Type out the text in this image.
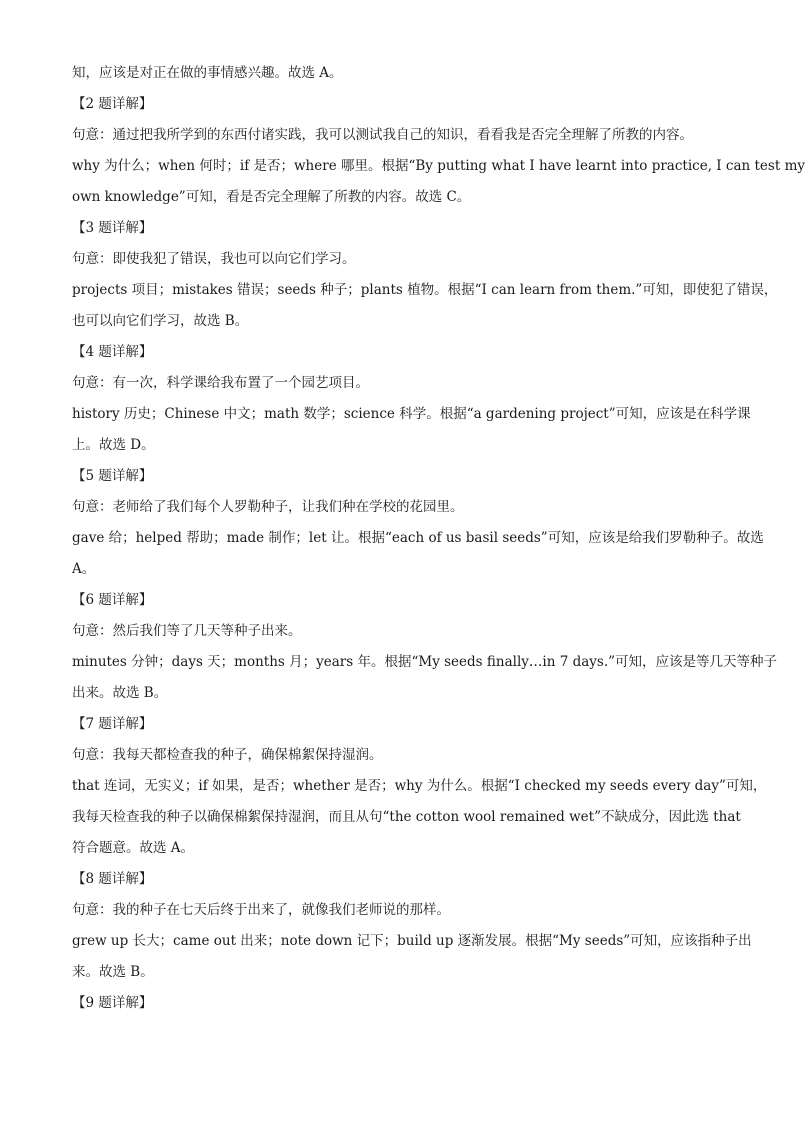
知，应该是对正在做的事情感兴趣。故选 A。
【2 题详解】
句意：通过把我所学到的东西付诸实践，我可以测试我自己的知识，看看我是否完全理解了所教的内容。
why 为什么；when 何时；if 是否；where 哪里。根据“By putting what I have learnt into practice, I can test my
own knowledge”可知，看是否完全理解了所教的内容。故选 C。
【3 题详解】
句意：即使我犯了错误，我也可以向它们学习。
projects 项目；mistakes 错误；seeds 种子；plants 植物。根据“I can learn from them.”可知，即使犯了错误，
也可以向它们学习，故选 B。
【4 题详解】
句意：有一次，科学课给我布置了一个园艺项目。
history 历史；Chinese 中文；math 数学；science 科学。根据“a gardening project”可知，应该是在科学课
上。故选 D。
【5 题详解】
句意：老师给了我们每个人罗勒种子，让我们种在学校的花园里。
gave 给；helped 帮助；made 制作；let 让。根据“each of us basil seeds”可知，应该是给我们罗勒种子。故选
A。
【6 题详解】
句意：然后我们等了几天等种子出来。
minutes 分钟；days 天；months 月；years 年。根据“My seeds finally…in 7 days.”可知，应该是等几天等种子
出来。故选 B。
【7 题详解】
句意：我每天都检查我的种子，确保棉絮保持湿润。
that 连词，无实义；if 如果，是否；whether 是否；why 为什么。根据“I checked my seeds every day”可知，
我每天检查我的种子以确保棉絮保持湿润，而且从句“the cotton wool remained wet”不缺成分，因此选 that
符合题意。故选 A。
【8 题详解】
句意：我的种子在七天后终于出来了，就像我们老师说的那样。
grew up 长大；came out 出来；note down 记下；build up 逐渐发展。根据“My seeds”可知，应该指种子出
来。故选 B。
【9 题详解】
